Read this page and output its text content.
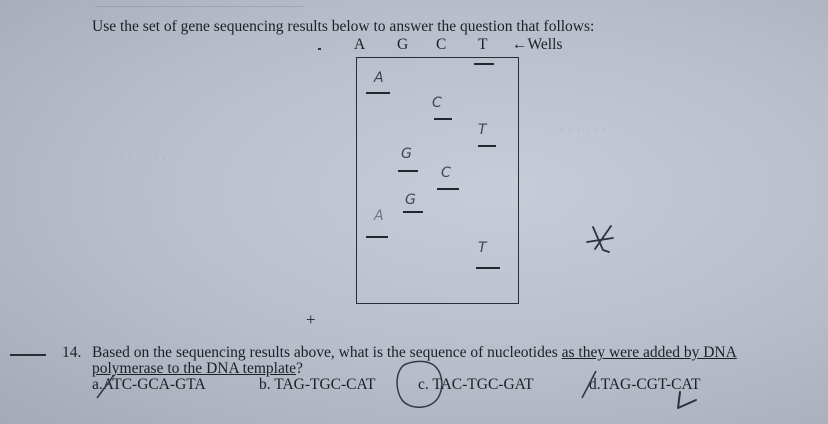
· · · · · ·
· · · · · ·
Use the set of gene sequencing results below to answer the question that follows:
A G C T ←Wells
A
C
T
G
C
G
A
T
+
14. Based on the sequencing results above, what is the sequence of nucleotides as they were added by DNA
polymerase to the DNA template?
a.ATC-GCA-GTA	b. TAG-TGC-CAT	c. TAC-TGC-GAT	d.TAG-CGT-CAT
